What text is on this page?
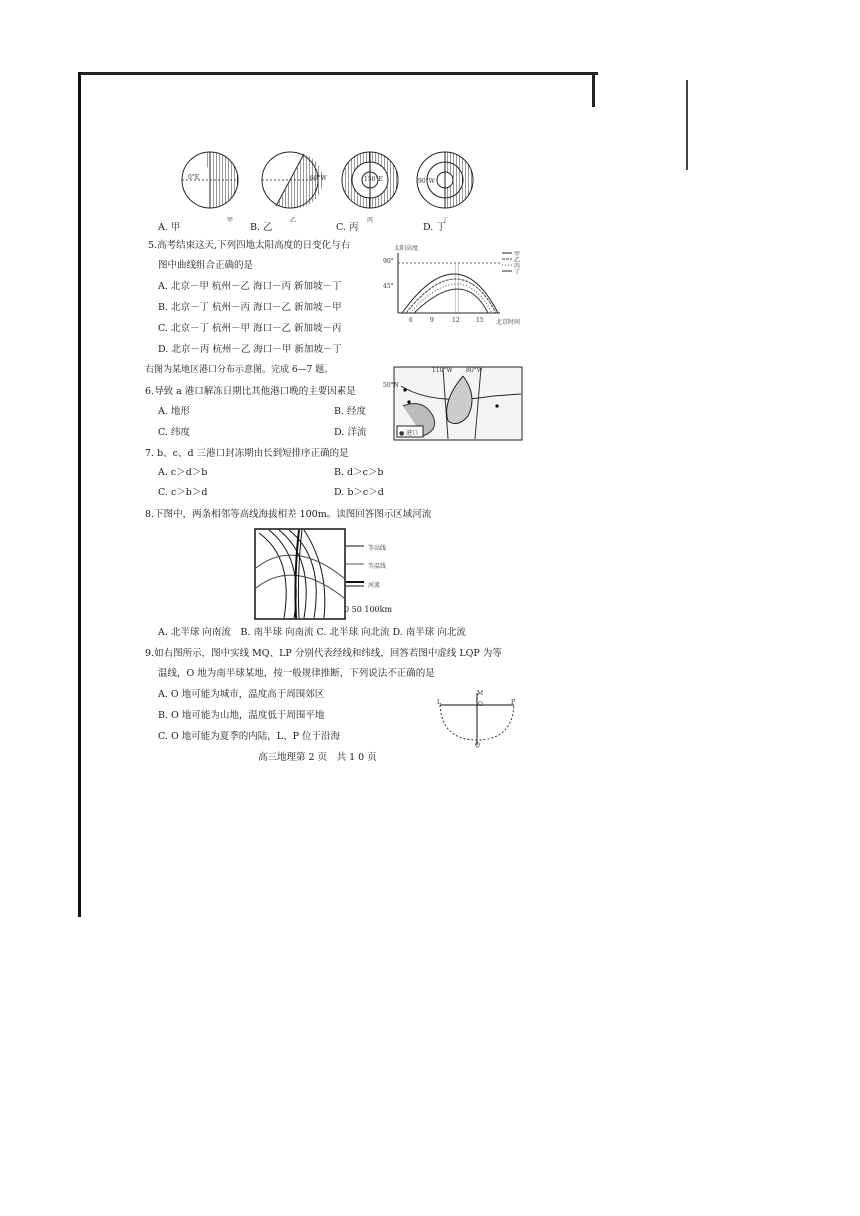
0°E
甲
60°W
乙
150°E
丙
90°W
丁
A. 甲	B. 乙	C. 丙	D. 丁
5.高考结束这天,下列四地太阳高度的日变化与右
图中曲线组合正确的是
A. 北京－甲 杭州－乙 海口－丙 新加坡－丁
B. 北京－丁 杭州－丙 海口－乙 新加坡－甲
C. 北京－丁 杭州－甲 海口－乙 新加坡－丙
D. 北京－丙 杭州－乙 海口－甲 新加坡－丁
太阳高度
90°
45°
6	9	12	15 北京时间
甲
乙
丙
丁
右图为某地区港口分布示意图。完成 6—7 题。	110°W 80°W
50°N
● 港口
6.导致 a 港口解冻日期比其他港口晚的主要因素是
A. 地形	B. 经度
C. 纬度	D. 洋流
7. b、c、d 三港口封冻期由长到短排序正确的是
A. c＞d＞b	B. d＞c＞b
C. c＞b＞d	D. b＞c＞d
8.下图中，两条相邻等高线海拔相差 100m。读图回答图示区域河流
等高线
等温线
河流
0 50 100km
A. 北半球 向南流　B. 南半球 向南流 C. 北半球 向北流 D. 南半球 向北流
9.如右图所示，图中实线 MQ、LP 分别代表经线和纬线，回答若图中虚线 LQP 为等
温线，O 地为南半球某地，按一般规律推断，下列说法不正确的是
A. O 地可能为城市，温度高于周围郊区
B. O 地可能为山地，温度低于周围平地
C. O 地可能为夏季的内陆，L、P 位于沿海
M
L	O	P
Q
高三地理第 2 页　共 1 0 页
